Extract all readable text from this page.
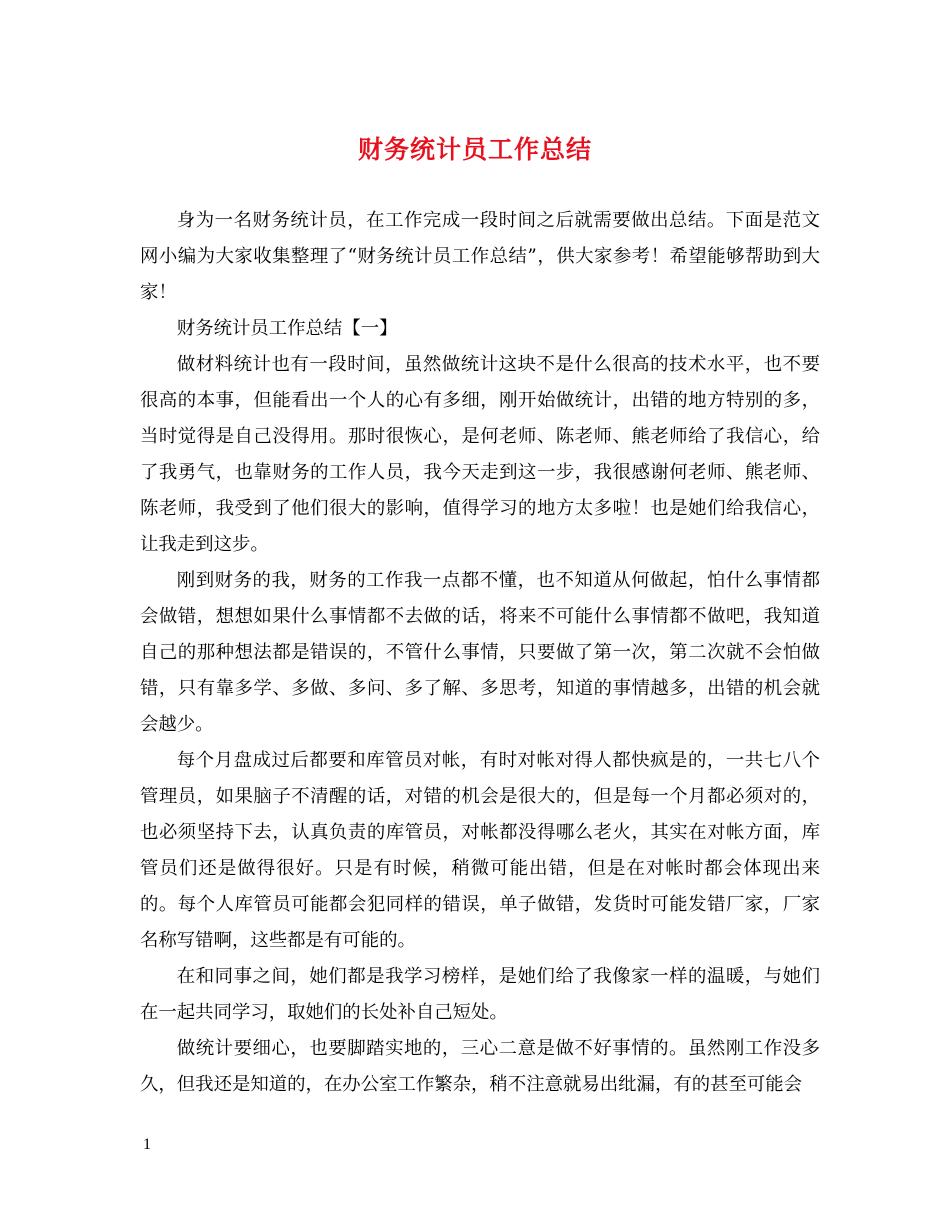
财务统计员工作总结

身为一名财务统计员，在工作完成一段时间之后就需要做出总结。下面是范文网小编为大家收集整理了“财务统计员工作总结”，供大家参考！希望能够帮助到大家！

财务统计员工作总结【一】

做材料统计也有一段时间，虽然做统计这块不是什么很高的技术水平，也不要很高的本事，但能看出一个人的心有多细，刚开始做统计，出错的地方特别的多，当时觉得是自己没得用。那时很恢心，是何老师、陈老师、熊老师给了我信心，给了我勇气，也靠财务的工作人员，我今天走到这一步，我很感谢何老师、熊老师、陈老师，我受到了他们很大的影响，值得学习的地方太多啦！也是她们给我信心，让我走到这步。

刚到财务的我，财务的工作我一点都不懂，也不知道从何做起，怕什么事情都会做错，想想如果什么事情都不去做的话，将来不可能什么事情都不做吧，我知道自己的那种想法都是错误的，不管什么事情，只要做了第一次，第二次就不会怕做错，只有靠多学、多做、多问、多了解、多思考，知道的事情越多，出错的机会就会越少。

每个月盘成过后都要和库管员对帐，有时对帐对得人都快疯是的，一共七八个管理员，如果脑子不清醒的话，对错的机会是很大的，但是每一个月都必须对的，也必须坚持下去，认真负责的库管员，对帐都没得哪么老火，其实在对帐方面，库管员们还是做得很好。只是有时候，稍微可能出错，但是在对帐时都会体现出来的。每个人库管员可能都会犯同样的错误，单子做错，发货时可能发错厂家，厂家名称写错啊，这些都是有可能的。

在和同事之间，她们都是我学习榜样，是她们给了我像家一样的温暖，与她们在一起共同学习，取她们的长处补自己短处。

做统计要细心，也要脚踏实地的，三心二意是做不好事情的。虽然刚工作没多久，但我还是知道的，在办公室工作繁杂，稍不注意就易出纰漏，有的甚至可能会

1
